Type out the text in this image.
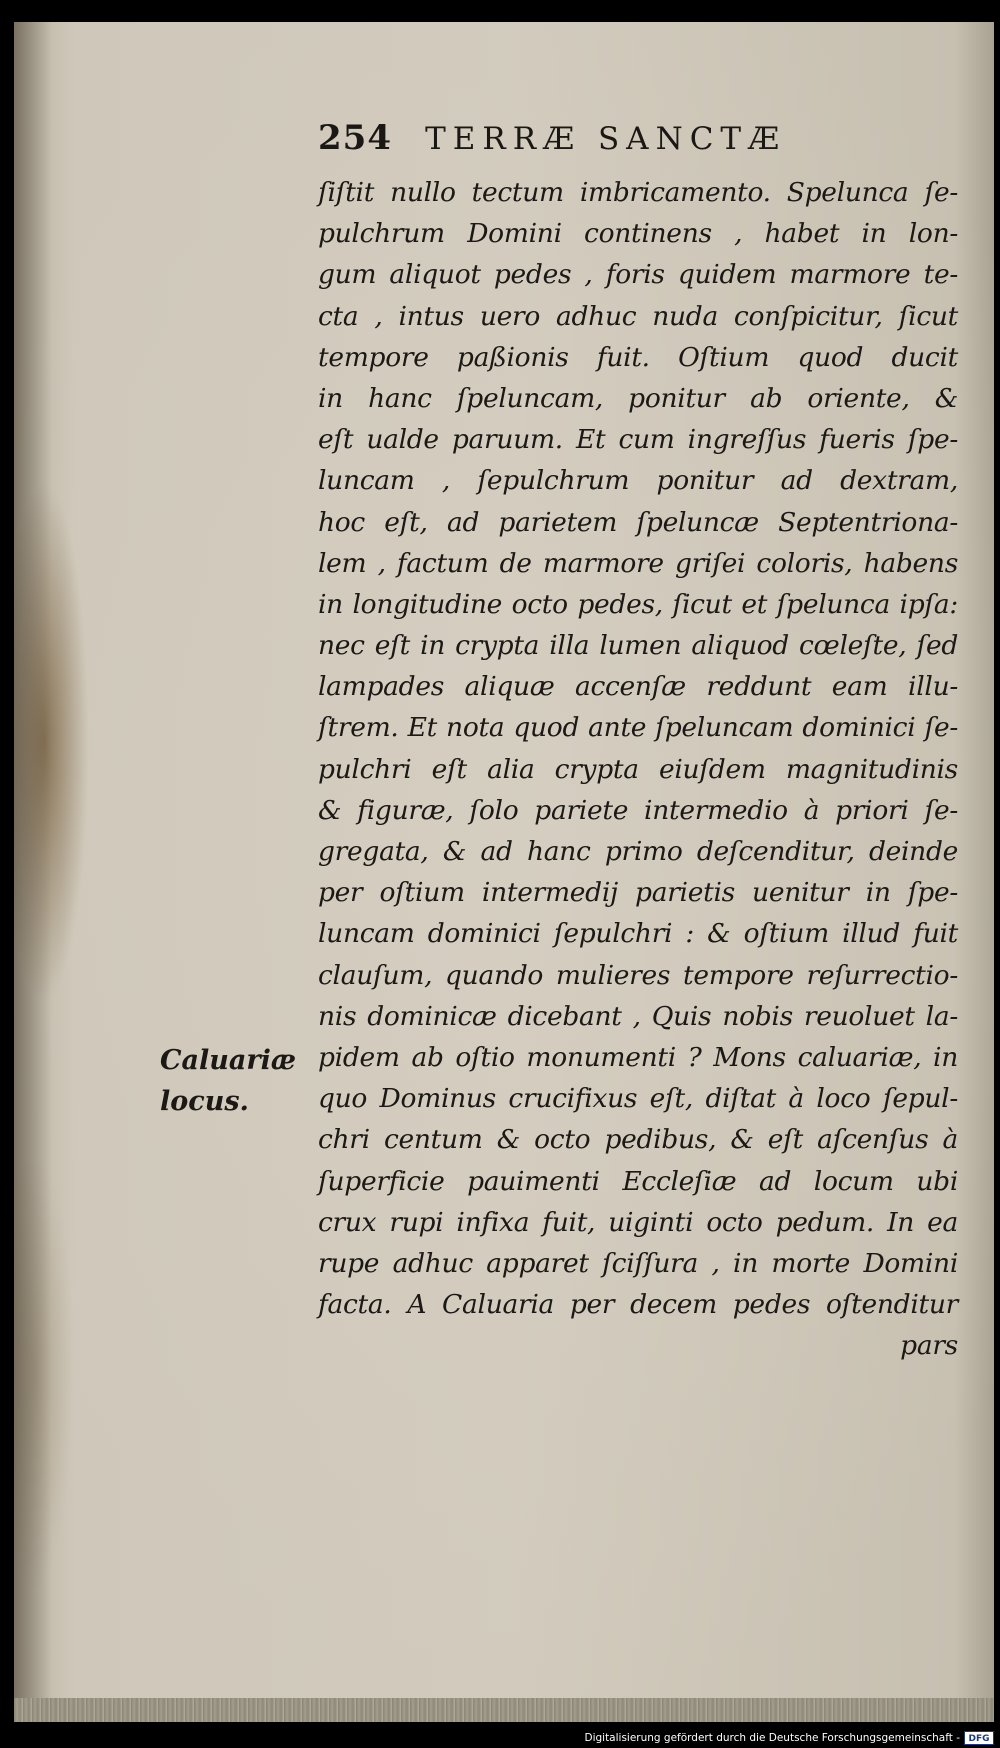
254 TERRÆ SANCTÆ
Caluariæ
locus.
ſiſtit nullo tectum imbricamento. Spelunca ſe-
pulchrum Domini continens , habet in lon-
gum aliquot pedes , foris quidem marmore te-
cta , intus uero adhuc nuda conſpicitur, ſicut
tempore paßionis fuit. Oſtium quod ducit
in hanc ſpeluncam, ponitur ab oriente, &
eſt ualde paruum. Et cum ingreſſus fueris ſpe-
luncam , ſepulchrum ponitur ad dextram,
hoc eſt, ad parietem ſpeluncæ Septentriona-
lem , factum de marmore griſei coloris, habens
in longitudine octo pedes, ſicut et ſpelunca ipſa:
nec eſt in crypta illa lumen aliquod cœleſte, ſed
lampades aliquæ accenſæ reddunt eam illu-
ſtrem. Et nota quod ante ſpeluncam dominici ſe-
pulchri eſt alia crypta eiuſdem magnitudinis
& figuræ, ſolo pariete intermedio à priori ſe-
gregata, & ad hanc primo deſcenditur, deinde
per oſtium intermedij parietis uenitur in ſpe-
luncam dominici ſepulchri : & oſtium illud fuit
clauſum, quando mulieres tempore reſurrectio-
nis dominicæ dicebant , Quis nobis reuoluet la-
pidem ab oſtio monumenti ? Mons caluariæ, in
quo Dominus crucifixus eſt, diſtat à loco ſepul-
chri centum & octo pedibus, & eſt aſcenſus à
ſuperficie pauimenti Eccleſiæ ad locum ubi
crux rupi infixa fuit, uiginti octo pedum. In ea
rupe adhuc apparet ſciſſura , in morte Domini
facta. A Caluaria per decem pedes oſtenditur
pars
Digitalisierung gefördert durch die Deutsche Forschungsgemeinschaft - DFG
